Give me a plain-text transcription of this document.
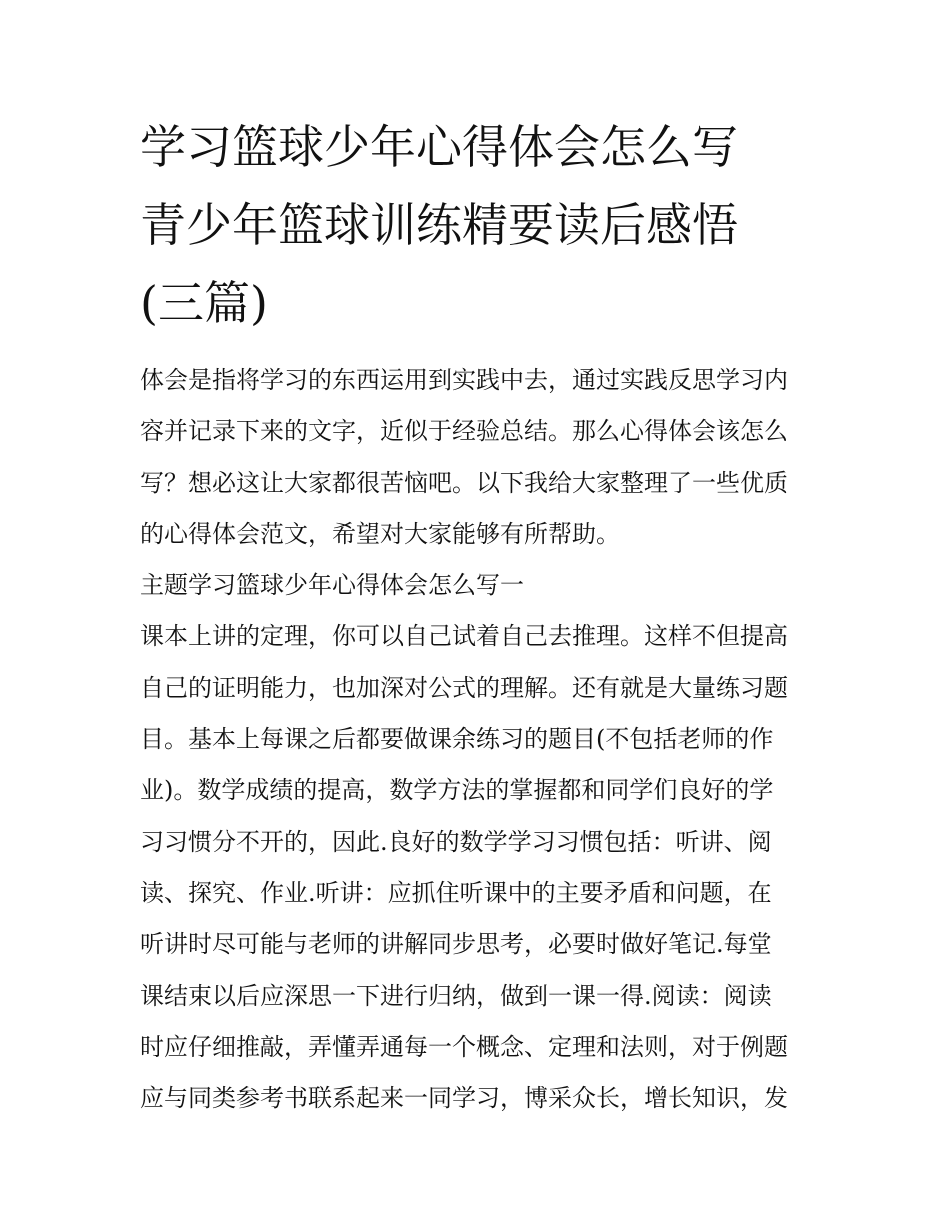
学习篮球少年心得体会怎么写
青少年篮球训练精要读后感悟
(三篇)
体会是指将学习的东西运用到实践中去，通过实践反思学习内
容并记录下来的文字，近似于经验总结。那么心得体会该怎么
写？想必这让大家都很苦恼吧。以下我给大家整理了一些优质
的心得体会范文，希望对大家能够有所帮助。
主题学习篮球少年心得体会怎么写一
课本上讲的定理，你可以自己试着自己去推理。这样不但提高
自己的证明能力，也加深对公式的理解。还有就是大量练习题
目。基本上每课之后都要做课余练习的题目(不包括老师的作
业)。数学成绩的提高，数学方法的掌握都和同学们良好的学
习习惯分不开的，因此.良好的数学学习习惯包括：听讲、阅
读、探究、作业.听讲：应抓住听课中的主要矛盾和问题，在
听讲时尽可能与老师的讲解同步思考，必要时做好笔记.每堂
课结束以后应深思一下进行归纳，做到一课一得.阅读：阅读
时应仔细推敲，弄懂弄通每一个概念、定理和法则，对于例题
应与同类参考书联系起来一同学习，博采众长，增长知识，发
